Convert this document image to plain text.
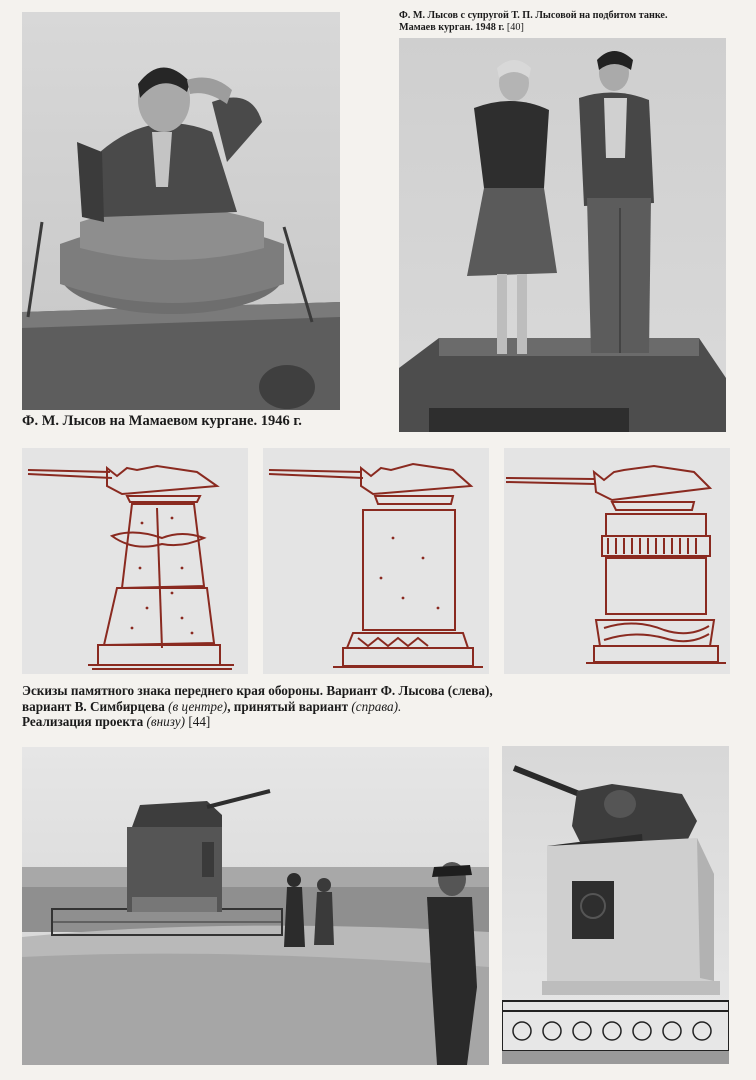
Ф. М. Лысов на Мамаевом кургане. 1946 г.

Ф. М. Лысов с супругой Т. П. Лысовой на подбитом танке.
Мамаев курган. 1948 г. [40]

Эскизы памятного знака переднего края обороны. Вариант Ф. Лысова (слева),
вариант В. Симбирцева (в центре), принятый вариант (справа).
Реализация проекта (внизу) [44]
